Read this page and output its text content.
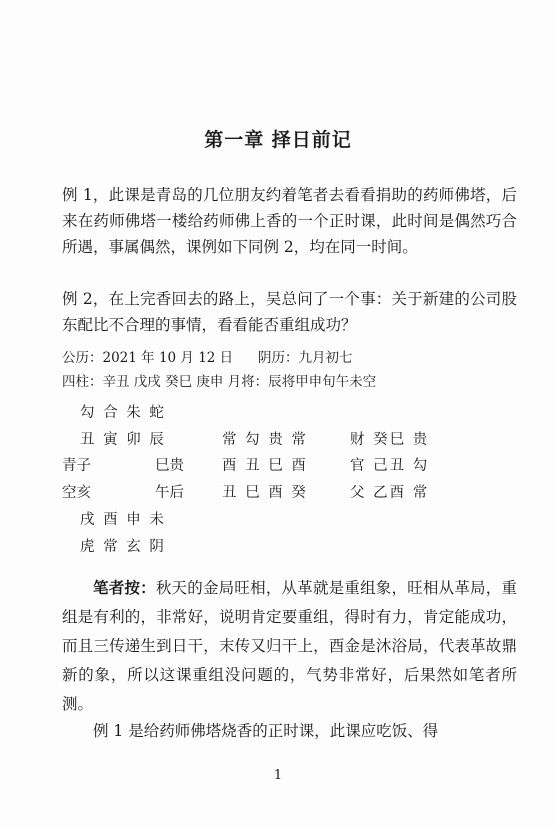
第一章 择日前记

例 1，此课是青岛的几位朋友约着笔者去看看捐助的药师佛塔，后来在药师佛塔一楼给药师佛上香的一个正时课，此时间是偶然巧合所遇，事属偶然，课例如下同例 2，均在同一时间。

例 2，在上完香回去的路上，吴总问了一个事：关于新建的公司股东配比不合理的事情，看看能否重组成功？

公历：2021 年 10 月 12 日 阴历：九月初七
四柱：辛丑 戊戌 癸巳 庚申 月将：辰将甲申旬午未空
勾 合 朱 蛇
丑 寅 卯 辰
青子	巳贵
空亥	午后
戌 酉 申 未
虎 常 玄 阴
常 勾 贵 常
酉 丑 巳 酉
丑 巳 酉 癸
财 癸巳 贵
官 己丑 勾
父 乙酉 常
笔者按：秋天的金局旺相，从革就是重组象，旺相从革局，重组是有利的，非常好，说明肯定要重组，得时有力，肯定能成功，而且三传递生到日干，末传又归干上，酉金是沐浴局，代表革故鼎新的象，所以这课重组没问题的，气势非常好，后果然如笔者所测。
例 1 是给药师佛塔烧香的正时课，此课应吃饭、得
1
